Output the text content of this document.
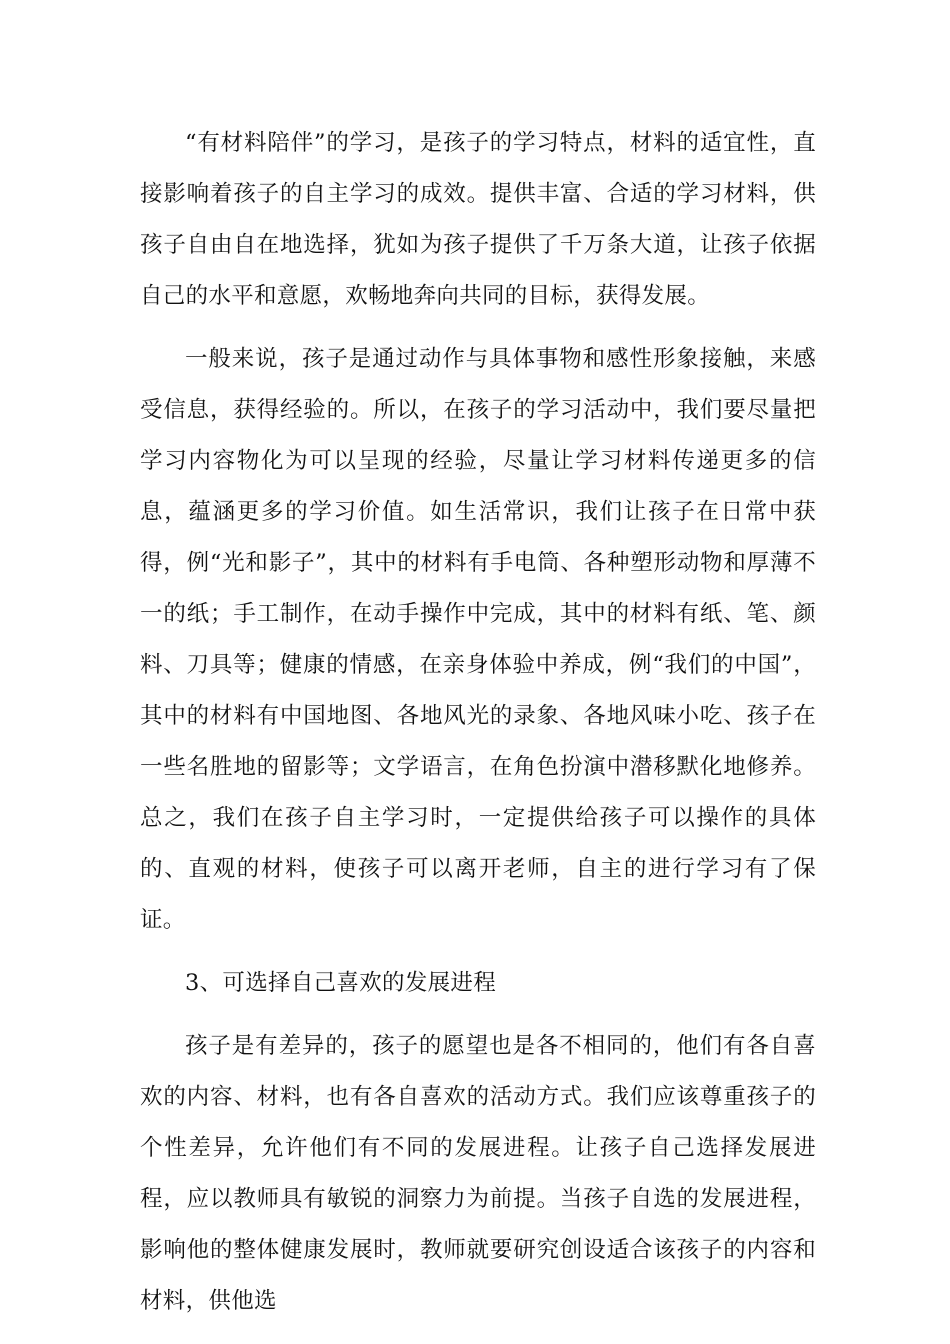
“有材料陪伴”的学习，是孩子的学习特点，材料的适宜性，直接影响着孩子的自主学习的成效。提供丰富、合适的学习材料，供孩子自由自在地选择，犹如为孩子提供了千万条大道，让孩子依据自己的水平和意愿，欢畅地奔向共同的目标，获得发展。

一般来说，孩子是通过动作与具体事物和感性形象接触，来感受信息，获得经验的。所以，在孩子的学习活动中，我们要尽量把学习内容物化为可以呈现的经验，尽量让学习材料传递更多的信息，蕴涵更多的学习价值。如生活常识，我们让孩子在日常中获得，例“光和影子”，其中的材料有手电筒、各种塑形动物和厚薄不一的纸；手工制作，在动手操作中完成，其中的材料有纸、笔、颜料、刀具等；健康的情感，在亲身体验中养成，例“我们的中国”，其中的材料有中国地图、各地风光的录象、各地风味小吃、孩子在一些名胜地的留影等；文学语言，在角色扮演中潜移默化地修养。总之，我们在孩子自主学习时，一定提供给孩子可以操作的具体的、直观的材料，使孩子可以离开老师，自主的进行学习有了保证。

3、可选择自己喜欢的发展进程

孩子是有差异的，孩子的愿望也是各不相同的，他们有各自喜欢的内容、材料，也有各自喜欢的活动方式。我们应该尊重孩子的个性差异，允许他们有不同的发展进程。让孩子自己选择发展进程，应以教师具有敏锐的洞察力为前提。当孩子自选的发展进程，影响他的整体健康发展时，教师就要研究创设适合该孩子的内容和材料，供他选
